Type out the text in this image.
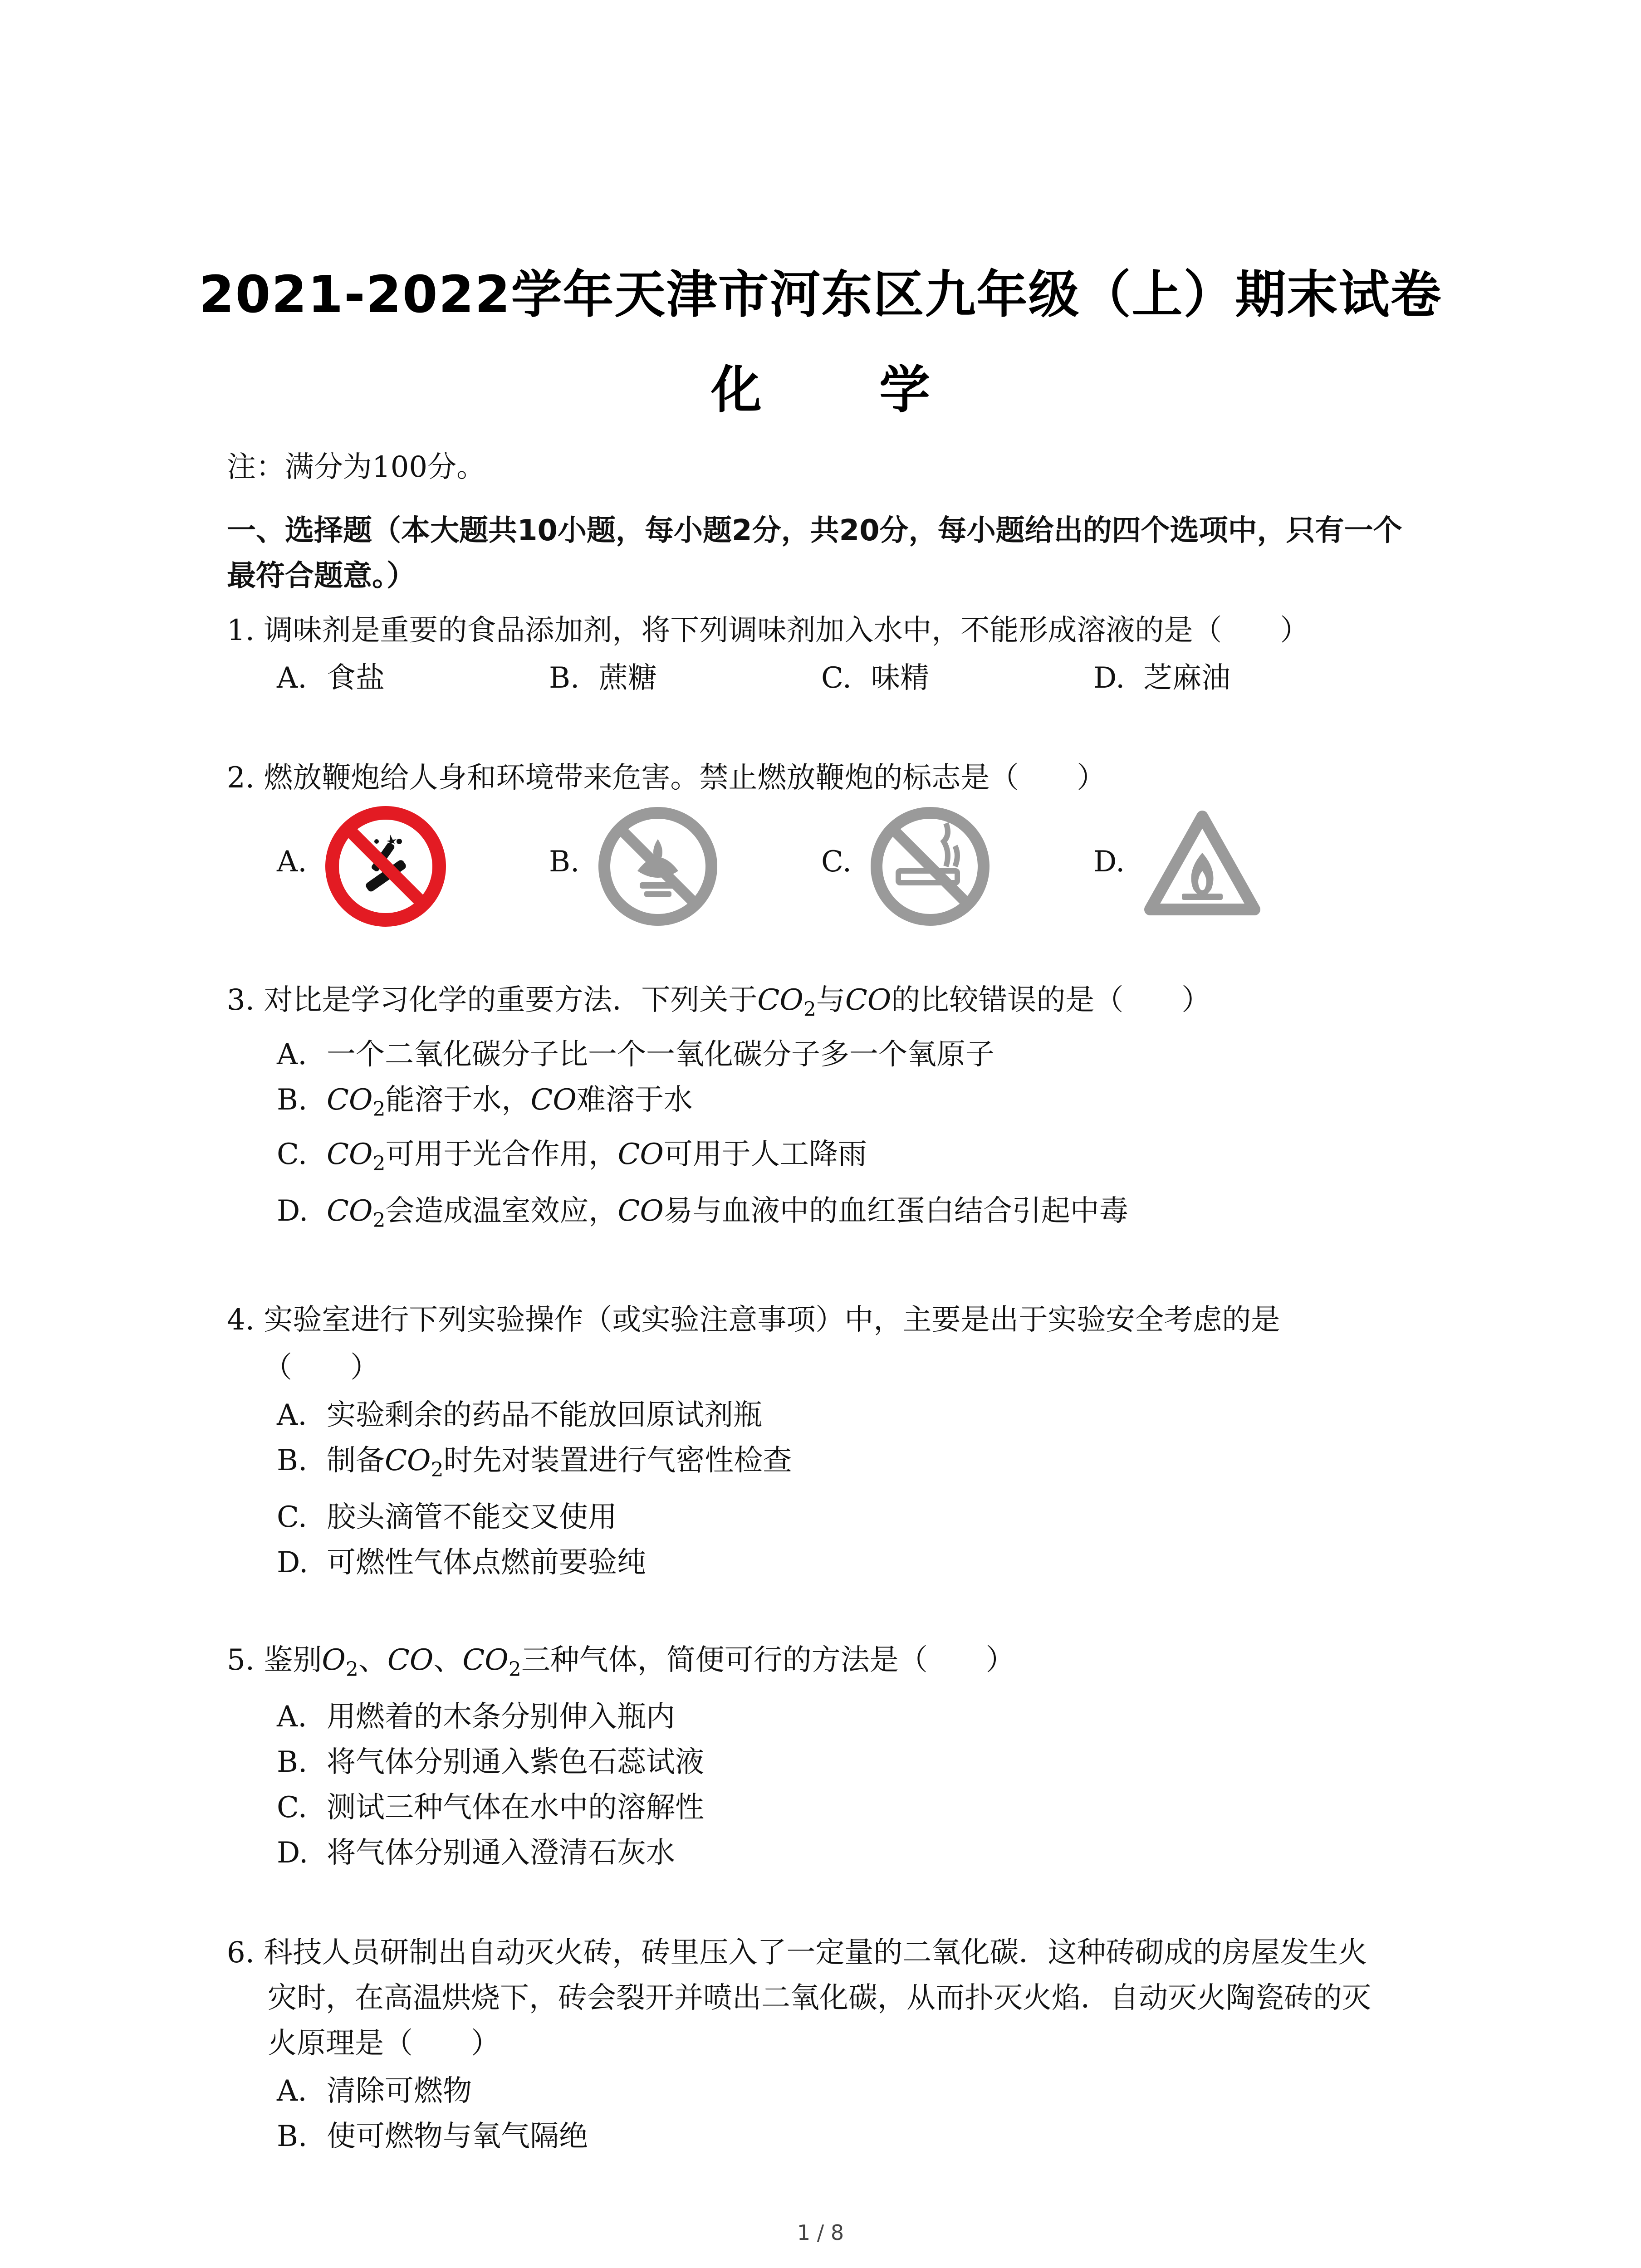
2021-2022学年天津市河东区九年级（上）期末试卷
化 学
注：满分为100分。
一、选择题（本大题共10小题，每小题2分，共20分，每小题给出的四个选项中，只有一个
最符合题意。）
1. 调味剂是重要的食品添加剂，将下列调味剂加入水中，不能形成溶液的是（　　）
A. 食盐	B. 蔗糖	C. 味精	D. 芝麻油
2. 燃放鞭炮给人身和环境带来危害。禁止燃放鞭炮的标志是（　　）
A.	B.	C.	D.
3. 对比是学习化学的重要方法．下列关于$CO_2$与CO的比较错误的是（　　）
A. 一个二氧化碳分子比一个一氧化碳分子多一个氧原子
B. $CO_2$能溶于水，CO难溶于水
C. $CO_2$可用于光合作用，CO可用于人工降雨
D. $CO_2$会造成温室效应，CO易与血液中的血红蛋白结合引起中毒
4. 实验室进行下列实验操作（或实验注意事项）中，主要是出于实验安全考虑的是
（　　）
A. 实验剩余的药品不能放回原试剂瓶
B. 制备$CO_2$时先对装置进行气密性检查
C. 胶头滴管不能交叉使用
D. 可燃性气体点燃前要验纯
5. 鉴别$O_2$、CO、$CO_2$三种气体，简便可行的方法是（　　）
A. 用燃着的木条分别伸入瓶内
B. 将气体分别通入紫色石蕊试液
C. 测试三种气体在水中的溶解性
D. 将气体分别通入澄清石灰水
6. 科技人员研制出自动灭火砖，砖里压入了一定量的二氧化碳．这种砖砌成的房屋发生火
灾时，在高温烘烧下，砖会裂开并喷出二氧化碳，从而扑灭火焰．自动灭火陶瓷砖的灭
火原理是（　　）
A. 清除可燃物
B. 使可燃物与氧气隔绝
1 / 8
